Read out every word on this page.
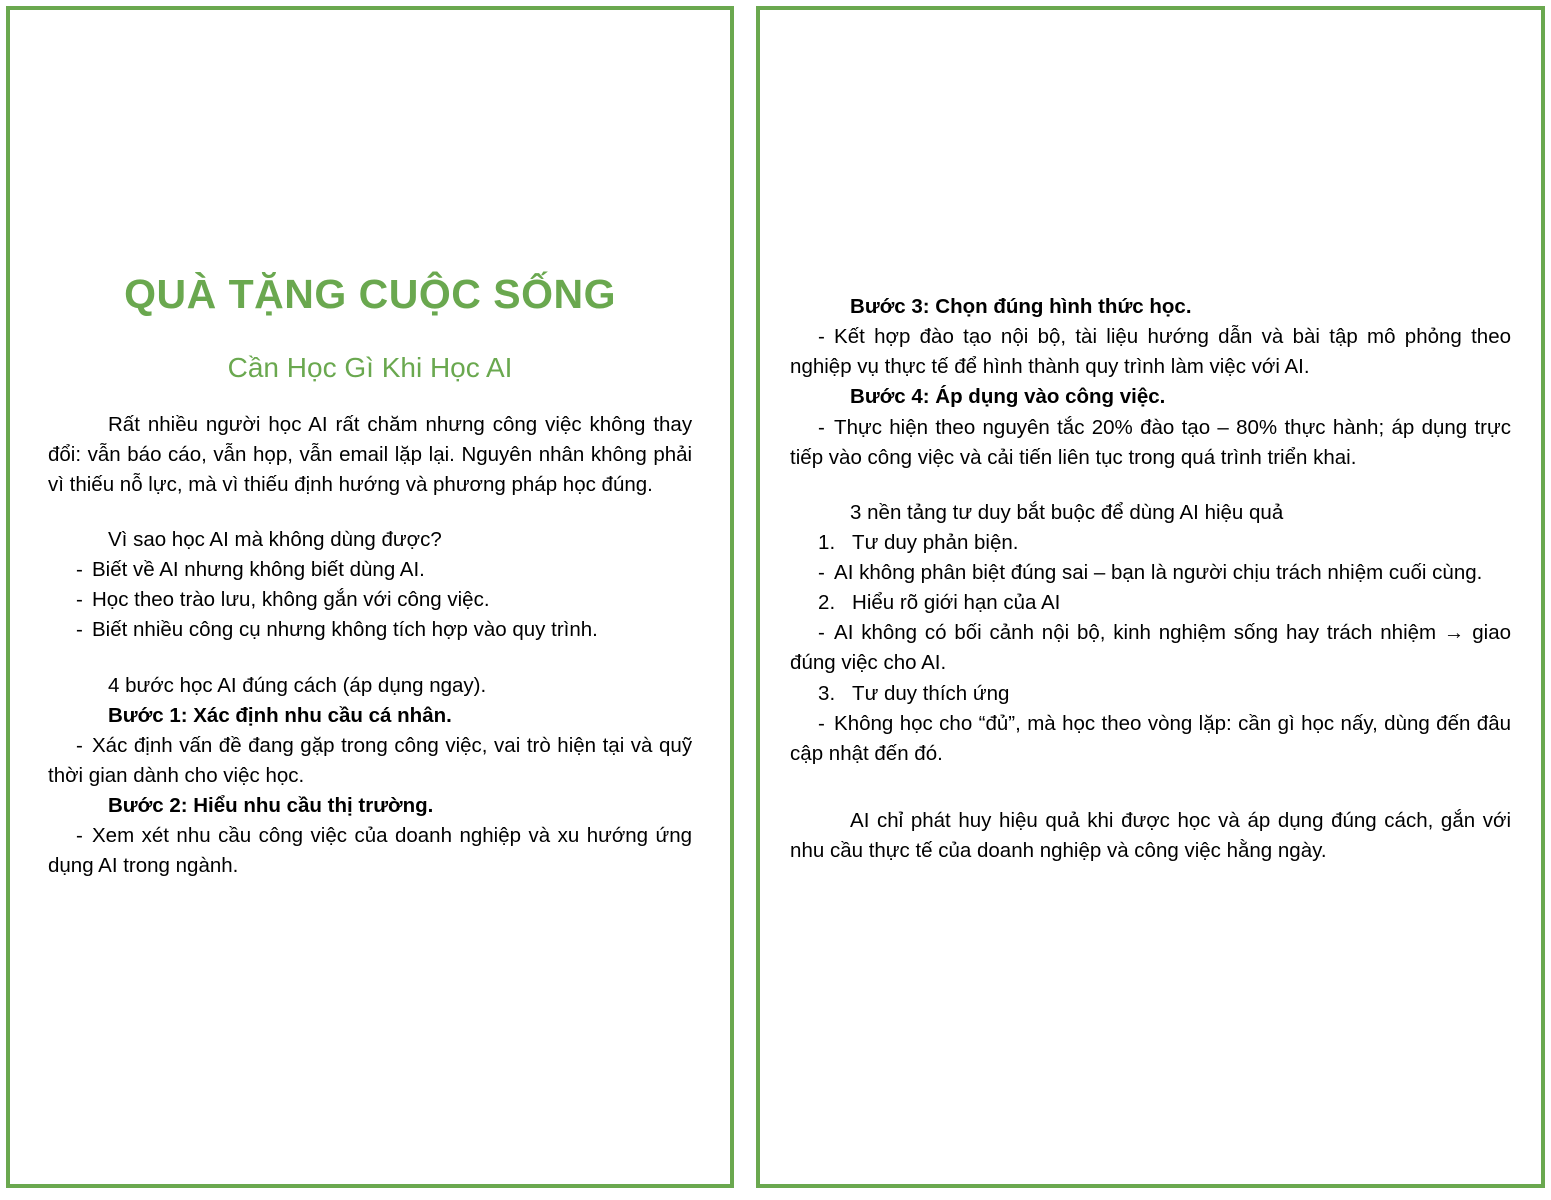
QUÀ TẶNG CUỘC SỐNG
Cần Học Gì Khi Học AI

Rất nhiều người học AI rất chăm nhưng công việc không thay đổi: vẫn báo cáo, vẫn họp, vẫn email lặp lại. Nguyên nhân không phải vì thiếu nỗ lực, mà vì thiếu định hướng và phương pháp học đúng.

Vì sao học AI mà không dùng được?

- Biết về AI nhưng không biết dùng AI.

- Học theo trào lưu, không gắn với công việc.

- Biết nhiều công cụ nhưng không tích hợp vào quy trình.

4 bước học AI đúng cách (áp dụng ngay).

Bước 1: Xác định nhu cầu cá nhân.

- Xác định vấn đề đang gặp trong công việc, vai trò hiện tại và quỹ thời gian dành cho việc học.

Bước 2: Hiểu nhu cầu thị trường.

- Xem xét nhu cầu công việc của doanh nghiệp và xu hướng ứng dụng AI trong ngành.

Bước 3: Chọn đúng hình thức học.

- Kết hợp đào tạo nội bộ, tài liệu hướng dẫn và bài tập mô phỏng theo nghiệp vụ thực tế để hình thành quy trình làm việc với AI.

Bước 4: Áp dụng vào công việc.

- Thực hiện theo nguyên tắc 20% đào tạo – 80% thực hành; áp dụng trực tiếp vào công việc và cải tiến liên tục trong quá trình triển khai.

3 nền tảng tư duy bắt buộc để dùng AI hiệu quả

1. Tư duy phản biện.

- AI không phân biệt đúng sai – bạn là người chịu trách nhiệm cuối cùng.

2. Hiểu rõ giới hạn của AI

- AI không có bối cảnh nội bộ, kinh nghiệm sống hay trách nhiệm → giao đúng việc cho AI.

3. Tư duy thích ứng

- Không học cho “đủ”, mà học theo vòng lặp: cần gì học nấy, dùng đến đâu cập nhật đến đó.

AI chỉ phát huy hiệu quả khi được học và áp dụng đúng cách, gắn với nhu cầu thực tế của doanh nghiệp và công việc hằng ngày.
